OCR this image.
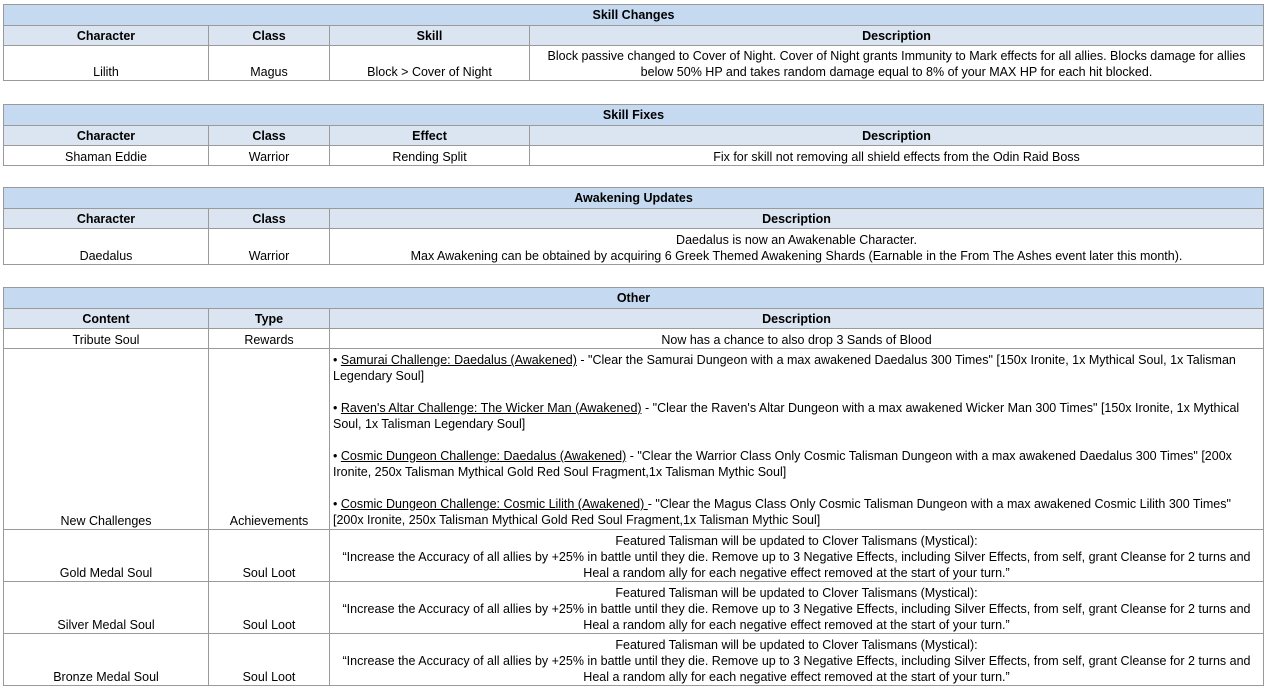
Skill Changes			
Character	Class	Skill	Description
Lilith	Magus	Block > Cover of Night	Block passive changed to Cover of Night. Cover of Night grants Immunity to Mark effects for all allies. Blocks damage for allies below 50% HP and takes random damage equal to 8% of your MAX HP for each hit blocked.
Skill Fixes			
Character	Class	Effect	Description
Shaman Eddie	Warrior	Rending Split	Fix for skill not removing all shield effects from the Odin Raid Boss
Awakening Updates		
Character	Class	Description
Daedalus	Warrior	Daedalus is now an Awakenable Character.
Max Awakening can be obtained by acquiring 6 Greek Themed Awakening Shards (Earnable in the From The Ashes event later this month).
Other		
Content	Type	Description
Tribute Soul	Rewards	Now has a chance to also drop 3 Sands of Blood
New Challenges	Achievements	• Samurai Challenge: Daedalus (Awakened) - "Clear the Samurai Dungeon with a max awakened Daedalus 300 Times" [150x Ironite, 1x Mythical Soul, 1x Talisman Legendary Soul]
• Raven's Altar Challenge: The Wicker Man (Awakened) - "Clear the Raven's Altar Dungeon with a max awakened Wicker Man 300 Times" [150x Ironite, 1x Mythical Soul, 1x Talisman Legendary Soul]
• Cosmic Dungeon Challenge: Daedalus (Awakened) - "Clear the Warrior Class Only Cosmic Talisman Dungeon with a max awakened Daedalus 300 Times" [200x Ironite, 250x Talisman Mythical Gold Red Soul Fragment,1x Talisman Mythic Soul]
• Cosmic Dungeon Challenge: Cosmic Lilith (Awakened) - "Clear the Magus Class Only Cosmic Talisman Dungeon with a max awakened Cosmic Lilith 300 Times" [200x Ironite, 250x Talisman Mythical Gold Red Soul Fragment,1x Talisman Mythic Soul]

Gold Medal Soul	Soul Loot	Featured Talisman will be updated to Clover Talismans (Mystical):
“Increase the Accuracy of all allies by +25% in battle until they die. Remove up to 3 Negative Effects, including Silver Effects, from self, grant Cleanse for 2 turns and Heal a random ally for each negative effect removed at the start of your turn.”

Silver Medal Soul	Soul Loot	Featured Talisman will be updated to Clover Talismans (Mystical):
“Increase the Accuracy of all allies by +25% in battle until they die. Remove up to 3 Negative Effects, including Silver Effects, from self, grant Cleanse for 2 turns and Heal a random ally for each negative effect removed at the start of your turn.”

Bronze Medal Soul	Soul Loot	Featured Talisman will be updated to Clover Talismans (Mystical):
“Increase the Accuracy of all allies by +25% in battle until they die. Remove up to 3 Negative Effects, including Silver Effects, from self, grant Cleanse for 2 turns and Heal a random ally for each negative effect removed at the start of your turn.”
